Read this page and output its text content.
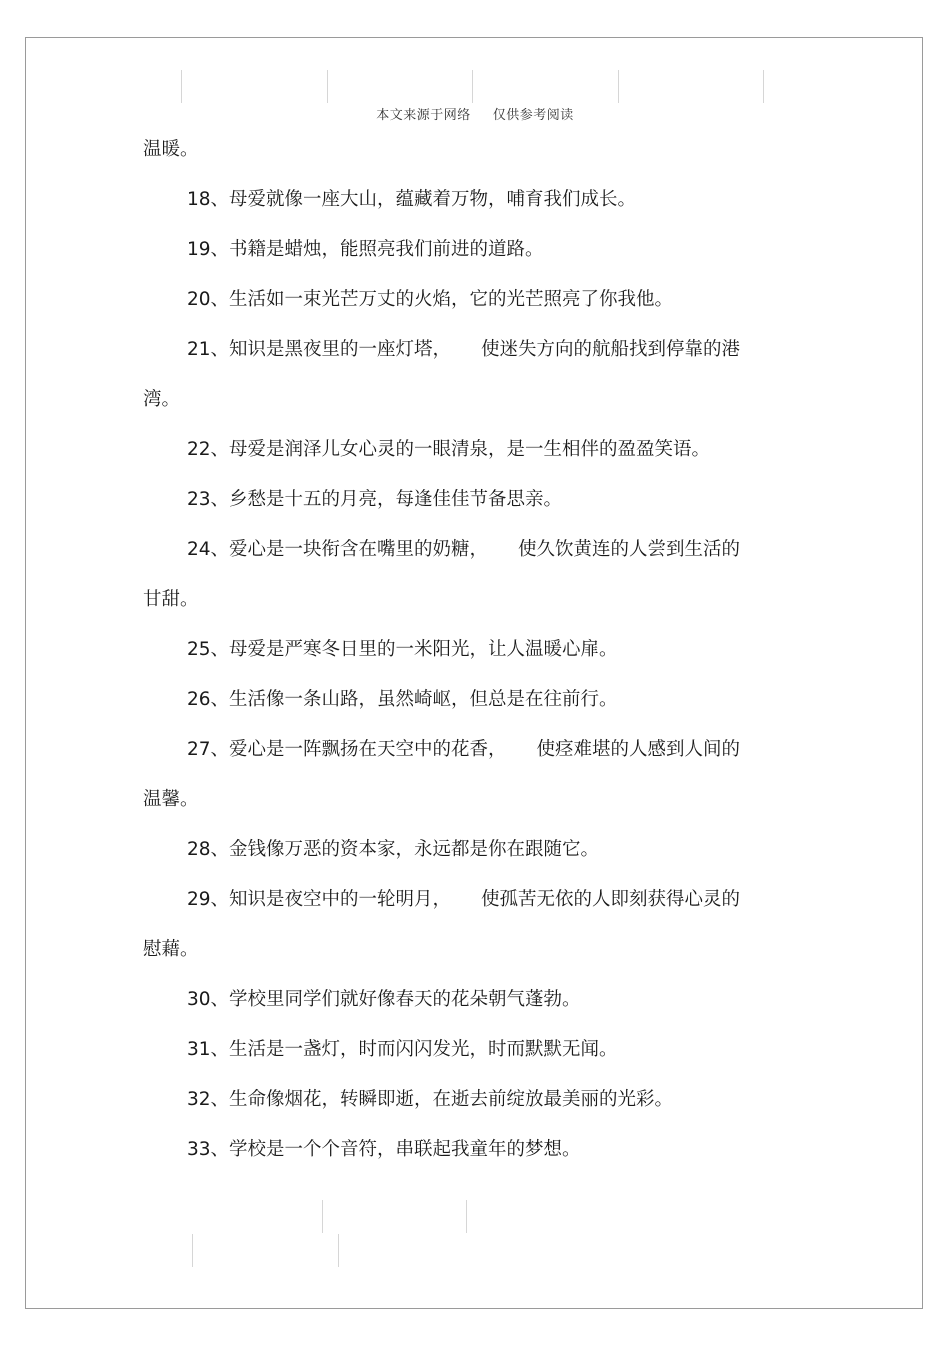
本文来源于网络 仅供参考阅读
温暖。
18、母爱就像一座大山，蕴藏着万物，哺育我们成长。
19、书籍是蜡烛，能照亮我们前进的道路。
20、生活如一束光芒万丈的火焰，它的光芒照亮了你我他。
21、知识是黑夜里的一座灯塔， 使迷失方向的航船找到停靠的港
湾。
22、母爱是润泽儿女心灵的一眼清泉，是一生相伴的盈盈笑语。
23、乡愁是十五的月亮，每逢佳佳节备思亲。
24、爱心是一块衔含在嘴里的奶糖， 使久饮黄连的人尝到生活的
甘甜。
25、母爱是严寒冬日里的一米阳光，让人温暖心扉。
26、生活像一条山路，虽然崎岖，但总是在往前行。
27、爱心是一阵飘扬在天空中的花香， 使痉难堪的人感到人间的
温馨。
28、金钱像万恶的资本家，永远都是你在跟随它。
29、知识是夜空中的一轮明月， 使孤苦无依的人即刻获得心灵的
慰藉。
30、学校里同学们就好像春天的花朵朝气蓬勃。
31、生活是一盏灯，时而闪闪发光，时而默默无闻。
32、生命像烟花，转瞬即逝，在逝去前绽放最美丽的光彩。
33、学校是一个个音符，串联起我童年的梦想。
